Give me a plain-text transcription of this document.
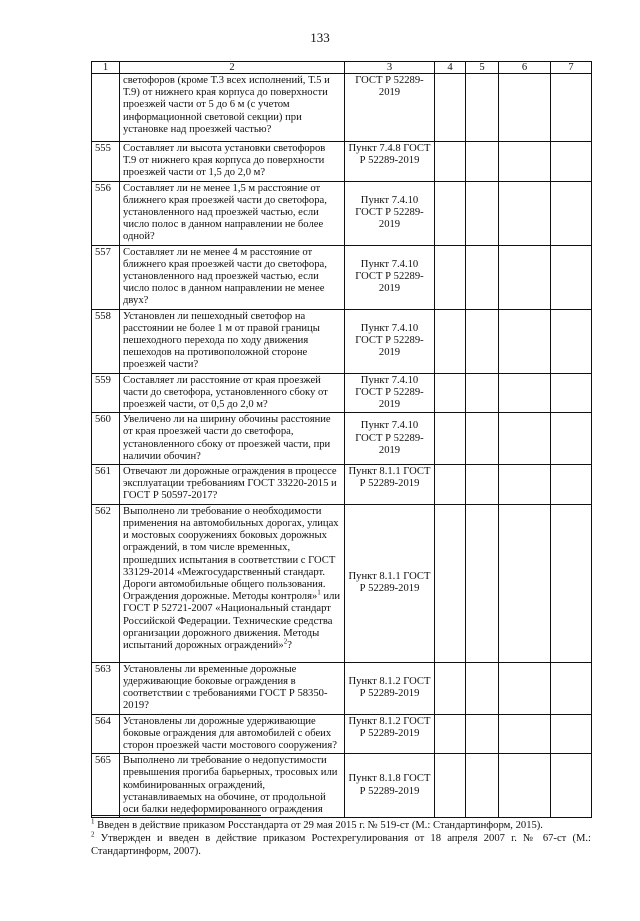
133
1	2	3	4	5	6	7
	светофоров (кроме Т.3 всех исполнений, Т.5 и Т.9) от нижнего края корпуса до поверхности проезжей части от 5 до 6 м (с учетом информационной световой секции) при установке над проезжей частью?	ГОСТ Р 52289-2019				
555	Составляет ли высота установки светофоров Т.9 от нижнего края корпуса до поверхности проезжей части от 1,5 до 2,0 м?	Пункт 7.4.8 ГОСТ Р 52289-2019				
556	Составляет ли не менее 1,5 м расстояние от ближнего края проезжей части до светофора, установленного над проезжей частью, если число полос в данном направлении не более одной?	Пункт 7.4.10 ГОСТ Р 52289-2019				
557	Составляет ли не менее 4 м расстояние от ближнего края проезжей части до светофора, установленного над проезжей частью, если число полос в данном направлении не менее двух?	Пункт 7.4.10 ГОСТ Р 52289-2019				
558	Установлен ли пешеходный светофор на расстоянии не более 1 м от правой границы пешеходного перехода по ходу движения пешеходов на противоположной стороне проезжей части?	Пункт 7.4.10 ГОСТ Р 52289-2019				
559	Составляет ли расстояние от края проезжей части до светофора, установленного сбоку от проезжей части, от 0,5 до 2,0 м?	Пункт 7.4.10 ГОСТ Р 52289-2019				
560	Увеличено ли на ширину обочины расстояние от края проезжей части до светофора, установленного сбоку от проезжей части, при наличии обочин?	Пункт 7.4.10 ГОСТ Р 52289-2019				
561	Отвечают ли дорожные ограждения в процессе эксплуатации требованиям ГОСТ 33220-2015 и ГОСТ Р 50597-2017?	Пункт 8.1.1 ГОСТ Р 52289-2019				
562	Выполнено ли требование о необходимости применения на автомобильных дорогах, улицах и мостовых сооружениях боковых дорожных ограждений, в том числе временных, прошедших испытания в соответствии с ГОСТ 33129-2014 «Межгосударственный стандарт. Дороги автомобильные общего пользования. Ограждения дорожные. Методы контроля»$^1$ или ГОСТ Р 52721-2007 «Национальный стандарт Российской Федерации. Технические средства организации дорожного движения. Методы испытаний дорожных ограждений»$^2$?	Пункт 8.1.1 ГОСТ Р 52289-2019				
563	Установлены ли временные дорожные удерживающие боковые ограждения в соответствии с требованиями ГОСТ Р 58350-2019?	Пункт 8.1.2 ГОСТ Р 52289-2019				
564	Установлены ли дорожные удерживающие боковые ограждения для автомобилей с обеих сторон проезжей части мостового сооружения?	Пункт 8.1.2 ГОСТ Р 52289-2019				
565	Выполнено ли требование о недопустимости превышения прогиба барьерных, тросовых или комбинированных ограждений, устанавливаемых на обочине, от продольной оси балки недеформированного ограждения	Пункт 8.1.8 ГОСТ Р 52289-2019				

$^1$ Введен в действие приказом Росстандарта от 29 мая 2015 г. № 519-ст (М.: Стандартинформ, 2015).

$^2$ Утвержден и введен в действие приказом Ростехрегулирования от 18 апреля 2007 г. № 67-ст (М.: Стандартинформ, 2007).
